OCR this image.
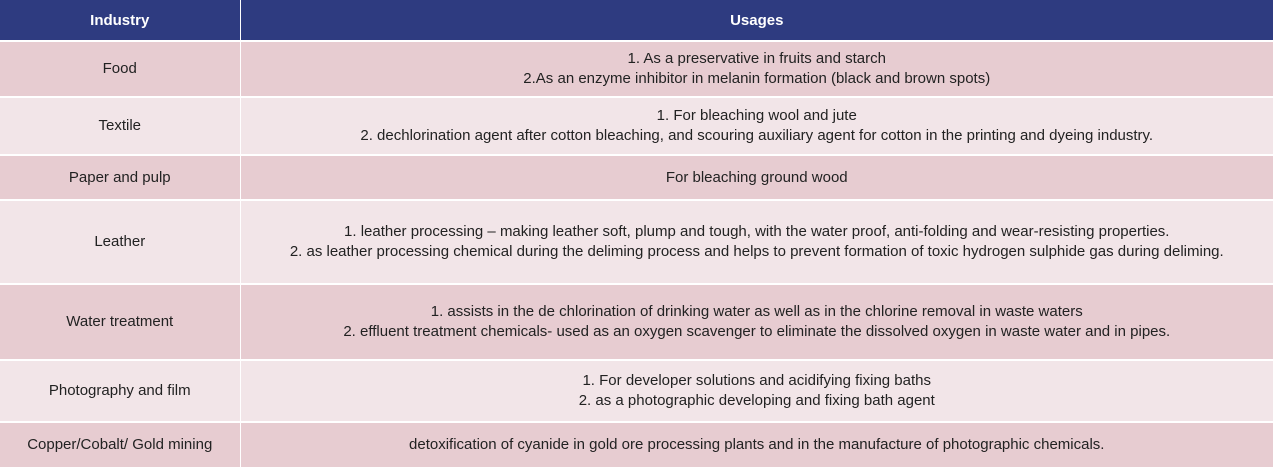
Industry	Usages
Food	1. As a preservative in fruits and starch
2.As an enzyme inhibitor in melanin formation (black and brown spots)

Textile	1. For bleaching wool and jute
2. dechlorination agent after cotton bleaching, and scouring auxiliary agent for cotton in the printing and dyeing industry.

Paper and pulp	For bleaching ground wood

Leather	1. leather processing – making leather soft, plump and tough, with the water proof, anti-folding and wear-resisting properties.
2. as leather processing chemical during the deliming process and helps to prevent formation of toxic hydrogen sulphide gas during deliming.

Water treatment	1. assists in the de chlorination of drinking water as well as in the chlorine removal in waste waters
2. effluent treatment chemicals- used as an oxygen scavenger to eliminate the dissolved oxygen in waste water and in pipes.

Photography and film	1. For developer solutions and acidifying fixing baths
2. as a photographic developing and fixing bath agent

Copper/Cobalt/ Gold mining	detoxification of cyanide in gold ore processing plants and in the manufacture of photographic chemicals.
